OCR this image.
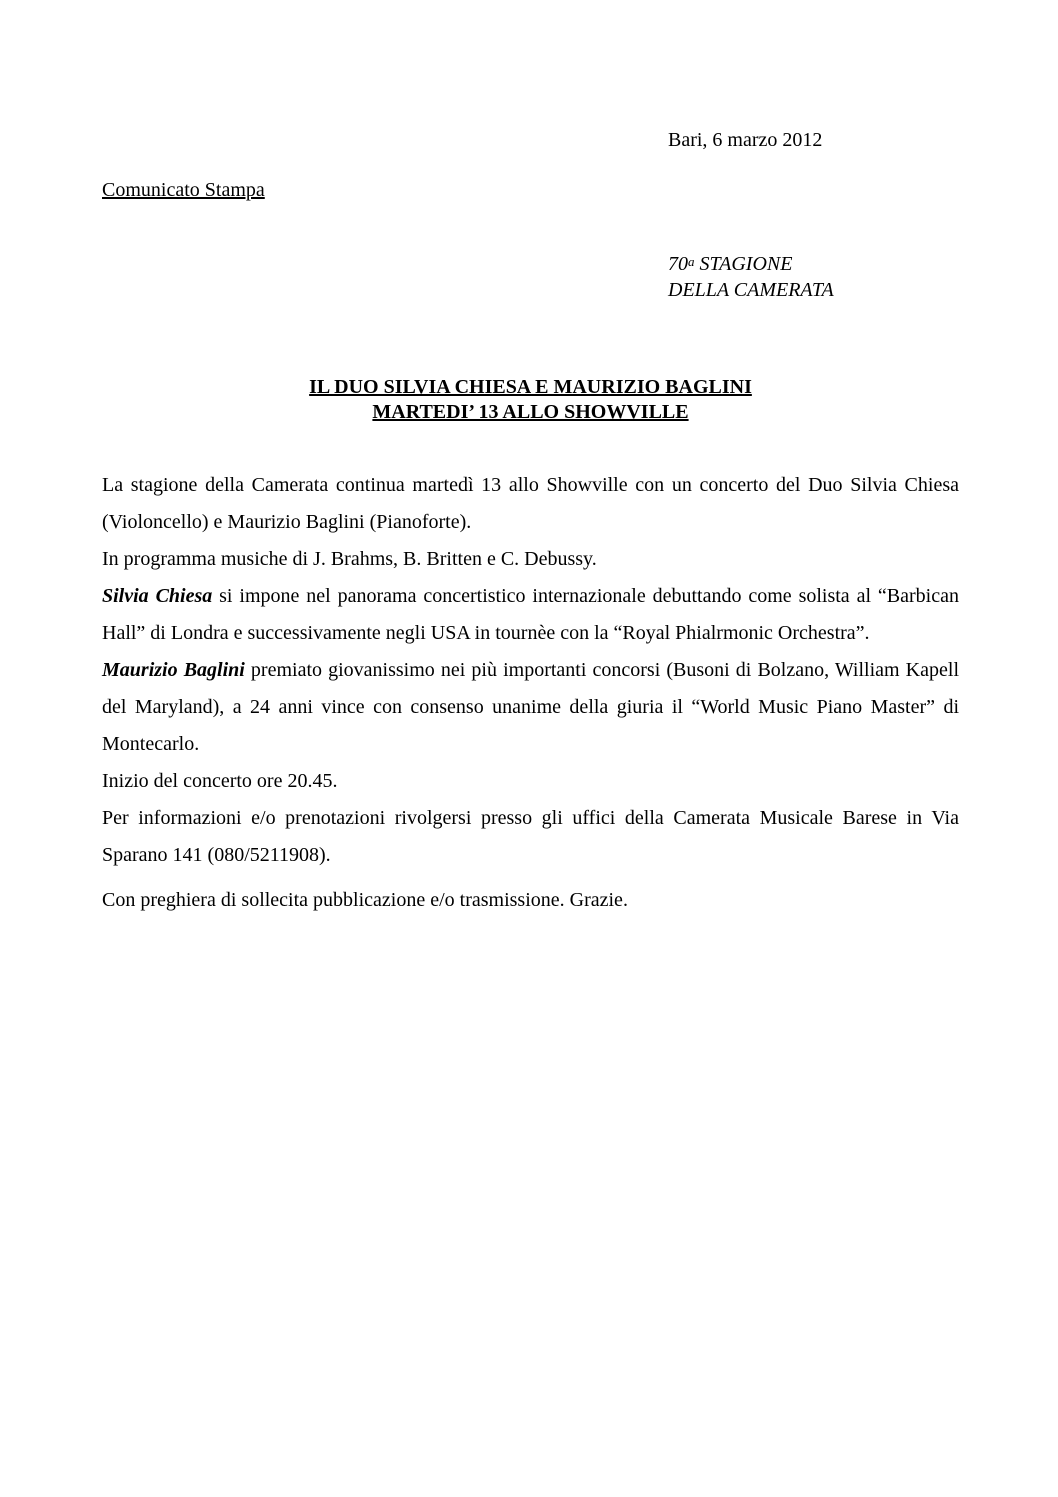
Bari, 6 marzo 2012
Comunicato Stampa
70$^a$ STAGIONE
DELLA CAMERATA
IL DUO SILVIA CHIESA E MAURIZIO BAGLINI
MARTEDI’ 13 ALLO SHOWVILLE

La stagione della Camerata continua martedì 13 allo Showville con un concerto del Duo Silvia Chiesa (Violoncello) e Maurizio Baglini (Pianoforte).

In programma musiche di J. Brahms, B. Britten e C. Debussy.

Silvia Chiesa si impone nel panorama concertistico internazionale debuttando come solista al “Barbican Hall” di Londra e successivamente negli USA in tournèe con la “Royal Phialrmonic Orchestra”.

Maurizio Baglini premiato giovanissimo nei più importanti concorsi (Busoni di Bolzano, William Kapell del Maryland), a 24 anni vince con consenso unanime della giuria il “World Music Piano Master” di Montecarlo.

Inizio del concerto ore 20.45.

Per informazioni e/o prenotazioni rivolgersi presso gli uffici della Camerata Musicale Barese in Via Sparano 141 (080/5211908).

Con preghiera di sollecita pubblicazione e/o trasmissione. Grazie.
